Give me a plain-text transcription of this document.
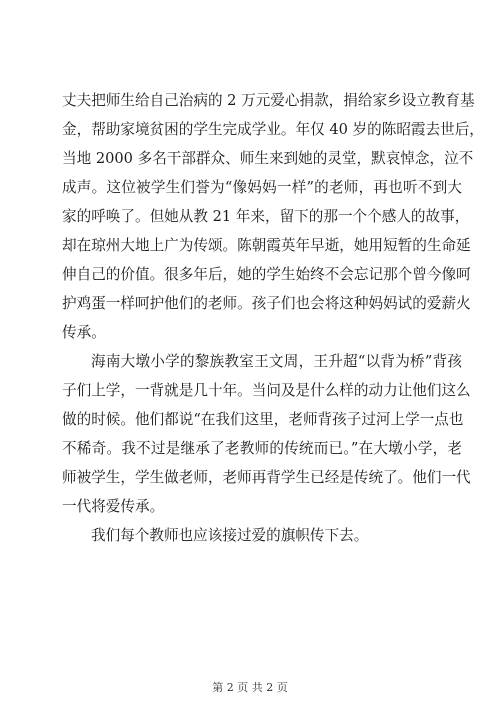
丈夫把师生给自己治病的 2 万元爱心捐款，捐给家乡设立教育基
金，帮助家境贫困的学生完成学业。年仅 40 岁的陈昭霞去世后，
当地 2000 多名干部群众、师生来到她的灵堂，默哀悼念，泣不
成声。这位被学生们誉为“像妈妈一样”的老师，再也听不到大
家的呼唤了。但她从教 21 年来，留下的那一个个感人的故事，
却在琼州大地上广为传颂。陈朝霞英年早逝，她用短暂的生命延
伸自己的价值。很多年后，她的学生始终不会忘记那个曾今像呵
护鸡蛋一样呵护他们的老师。孩子们也会将这种妈妈试的爱薪火
传承。
海南大墩小学的黎族教室王文周，王升超“以背为桥”背孩
子们上学，一背就是几十年。当问及是什么样的动力让他们这么
做的时候。他们都说“在我们这里，老师背孩子过河上学一点也
不稀奇。我不过是继承了老教师的传统而已。”在大墩小学，老
师被学生，学生做老师，老师再背学生已经是传统了。他们一代
一代将爱传承。
我们每个教师也应该接过爱的旗帜传下去。
第 2 页 共 2 页
